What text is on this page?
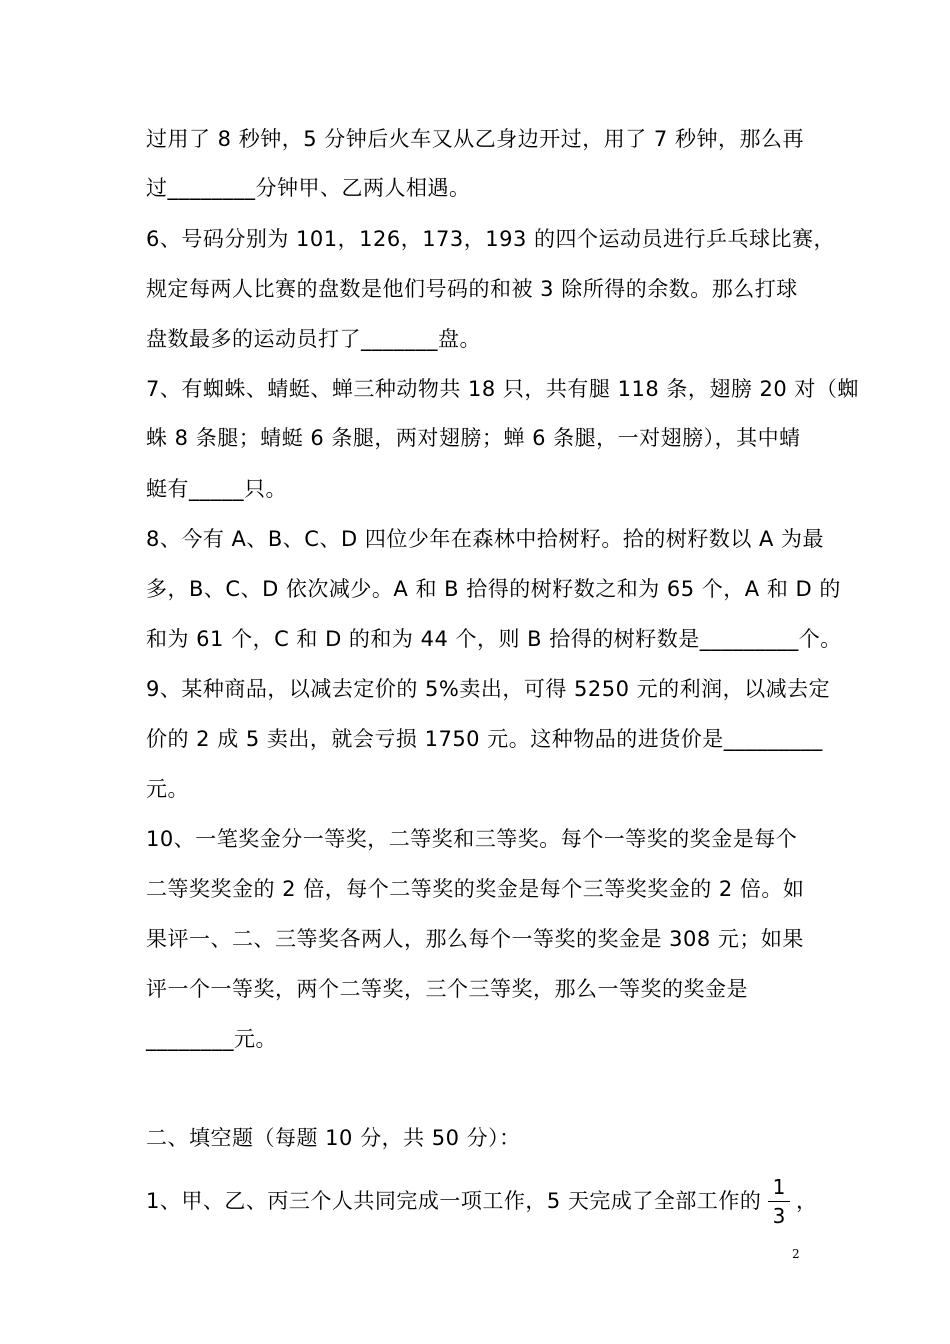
过用了 8 秒钟，5 分钟后火车又从乙身边开过，用了 7 秒钟，那么再
过________分钟甲、乙两人相遇。
6、号码分别为 101，126，173，193 的四个运动员进行乒乓球比赛，
规定每两人比赛的盘数是他们号码的和被 3 除所得的余数。那么打球
盘数最多的运动员打了_______盘。
7、有蜘蛛、蜻蜓、蝉三种动物共 18 只，共有腿 118 条，翅膀 20 对（蜘
蛛 8 条腿；蜻蜓 6 条腿，两对翅膀；蝉 6 条腿，一对翅膀），其中蜻
蜓有_____只。
8、今有 A、B、C、D 四位少年在森林中拾树籽。拾的树籽数以 A 为最
多，B、C、D 依次减少。A 和 B 拾得的树籽数之和为 65 个，A 和 D 的
和为 61 个，C 和 D 的和为 44 个，则 B 拾得的树籽数是_________个。
9、某种商品，以减去定价的 5%卖出，可得 5250 元的利润，以减去定
价的 2 成 5 卖出，就会亏损 1750 元。这种物品的进货价是_________
元。
10、一笔奖金分一等奖，二等奖和三等奖。每个一等奖的奖金是每个
二等奖奖金的 2 倍，每个二等奖的奖金是每个三等奖奖金的 2 倍。如
果评一、二、三等奖各两人，那么每个一等奖的奖金是 308 元；如果
评一个一等奖，两个二等奖，三个三等奖，那么一等奖的奖金是
________元。
二、填空题（每题 10 分，共 50 分）：
1、甲、乙、丙三个人共同完成一项工作，5 天完成了全部工作的
1
3
，
2
